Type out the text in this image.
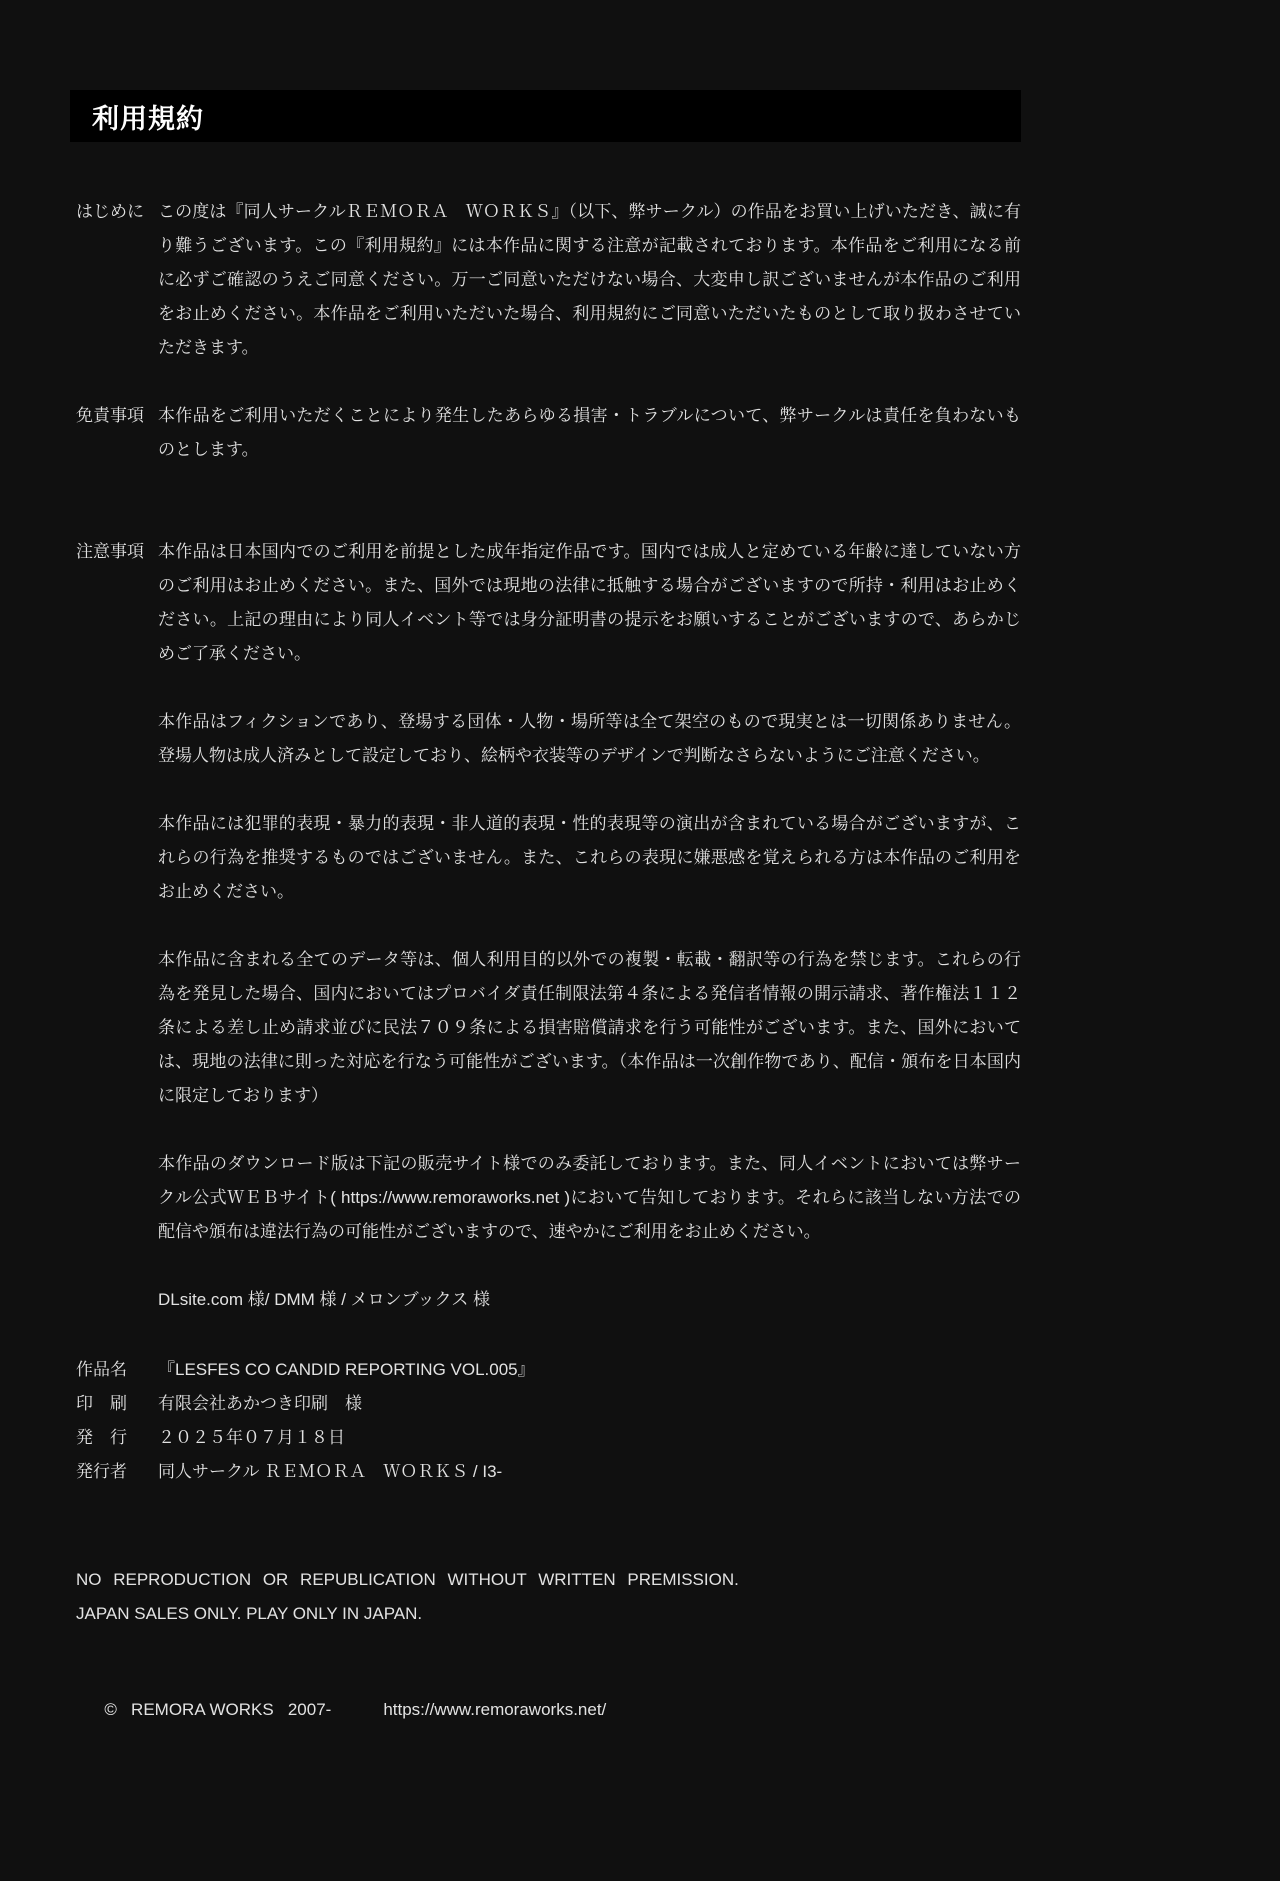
利用規約
はじめに この度は『同人サークルＲＥＭＯＲＡ　ＷＯＲＫＳ』（以下、弊サークル）の作品をお買い上げいただき、誠に有り難うございます。この『利用規約』には本作品に関する注意が記載されております。本作品をご利用になる前に必ずご確認のうえご同意ください。万一ご同意いただけない場合、大変申し訳ございませんが本作品のご利用をお止めください。本作品をご利用いただいた場合、利用規約にご同意いただいたものとして取り扱わさせていただきます。

免責事項 本作品をご利用いただくことにより発生したあらゆる損害・トラブルについて、弊サークルは責任を負わないものとします。

注意事項 本作品は日本国内でのご利用を前提とした成年指定作品です。国内では成人と定めている年齢に達していない方のご利用はお止めください。また、国外では現地の法律に抵触する場合がございますので所持・利用はお止めください。上記の理由により同人イベント等では身分証明書の提示をお願いすることがございますので、あらかじめご了承ください。

本作品はフィクションであり、登場する団体・人物・場所等は全て架空のもので現実とは一切関係ありません。登場人物は成人済みとして設定しており、絵柄や衣装等のデザインで判断なさらないようにご注意ください。

本作品には犯罪的表現・暴力的表現・非人道的表現・性的表現等の演出が含まれている場合がございますが、これらの行為を推奨するものではございません。また、これらの表現に嫌悪感を覚えられる方は本作品のご利用をお止めください。

本作品に含まれる全てのデータ等は、個人利用目的以外での複製・転載・翻訳等の行為を禁じます。これらの行為を発見した場合、国内においてはプロバイダ責任制限法第４条による発信者情報の開示請求、著作権法１１２条による差し止め請求並びに民法７０９条による損害賠償請求を行う可能性がございます。また、国外においては、現地の法律に則った対応を行なう可能性がございます。（本作品は一次創作物であり、配信・頒布を日本国内に限定しております）

本作品のダウンロード版は下記の販売サイト様でのみ委託しております。また、同人イベントにおいては弊サークル公式ＷＥＢサイト( https://www.remoraworks.net )において告知しております。それらに該当しない方法での配信や頒布は違法行為の可能性がございますので、速やかにご利用をお止めください。

DLsite.com 様/ DMM 様 / メロンブックス 様

作品名	『LESFES CO CANDID REPORTING VOL.005』
印　刷	有限会社あかつき印刷　様
発　行	２０２５年０７月１８日
発行者	同人サークル ＲＥＭＯＲＡ　ＷＯＲＫＳ / I3-
NO REPRODUCTION OR REPUBLICATION WITHOUT WRITTEN PREMISSION.
JAPAN SALES ONLY. PLAY ONLY IN JAPAN.

©   REMORA WORKS   2007-	https://www.remoraworks.net/
